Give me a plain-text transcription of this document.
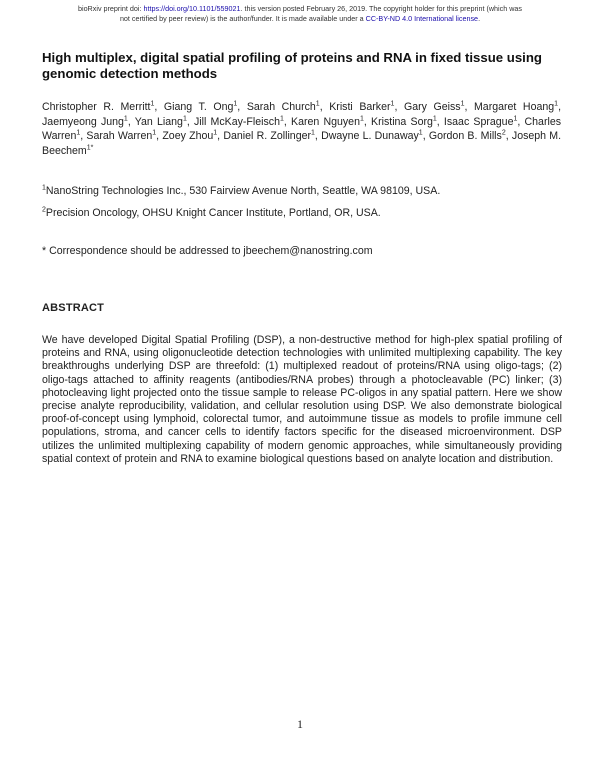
bioRxiv preprint doi: https://doi.org/10.1101/559021. this version posted February 26, 2019. The copyright holder for this preprint (which was
not certified by peer review) is the author/funder. It is made available under a CC-BY-ND 4.0 International license.
High multiplex, digital spatial profiling of proteins and RNA in fixed tissue using genomic detection methods

Christopher R. Merritt$^1$, Giang T. Ong$^1$, Sarah Church$^1$, Kristi Barker$^1$, Gary Geiss$^1$, Margaret Hoang$^1$, Jaemyeong Jung$^1$, Yan Liang$^1$, Jill McKay-Fleisch$^1$, Karen Nguyen$^1$, Kristina Sorg$^1$, Isaac Sprague$^1$, Charles Warren$^1$, Sarah Warren$^1$, Zoey Zhou$^1$, Daniel R. Zollinger$^1$, Dwayne L. Dunaway$^1$, Gordon B. Mills$^2$, Joseph M. Beechem$^{1*}$

$^1$NanoString Technologies Inc., 530 Fairview Avenue North, Seattle, WA 98109, USA.

$^2$Precision Oncology, OHSU Knight Cancer Institute, Portland, OR, USA.

* Correspondence should be addressed to jbeechem@nanostring.com

ABSTRACT

We have developed Digital Spatial Profiling (DSP), a non-destructive method for high-plex spatial profiling of proteins and RNA, using oligonucleotide detection technologies with unlimited multiplexing capability. The key breakthroughs underlying DSP are threefold: (1) multiplexed readout of proteins/RNA using oligo-tags; (2) oligo-tags attached to affinity reagents (antibodies/RNA probes) through a photocleavable (PC) linker; (3) photocleaving light projected onto the tissue sample to release PC-oligos in any spatial pattern. Here we show precise analyte reproducibility, validation, and cellular resolution using DSP. We also demonstrate biological proof-of-concept using lymphoid, colorectal tumor, and autoimmune tissue as models to profile immune cell populations, stroma, and cancer cells to identify factors specific for the diseased microenvironment. DSP utilizes the unlimited multiplexing capability of modern genomic approaches, while simultaneously providing spatial context of protein and RNA to examine biological questions based on analyte location and distribution.

1
